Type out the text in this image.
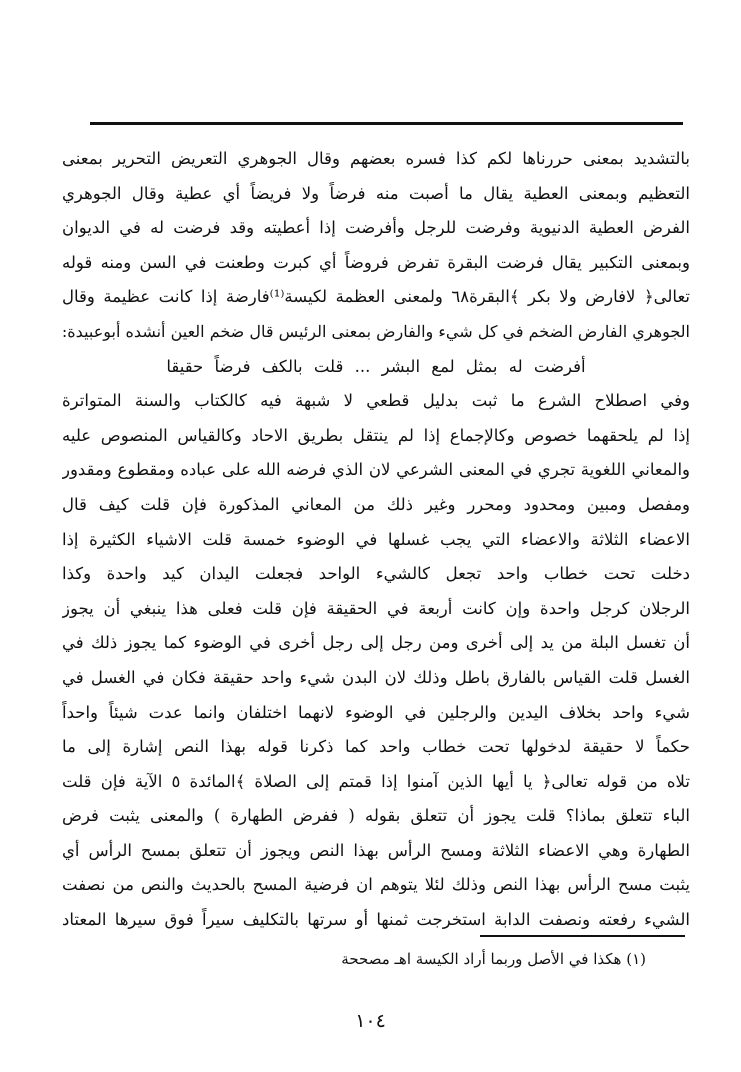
بالتشديد بمعنى حررناها لكم كذا فسره بعضهم وقال الجوهري التعريض التحرير بمعنى
التعظيم وبمعنى العطية يقال ما أصبت منه فرضاً ولا فريضاً أي عطية وقال الجوهري
الفرض العطية الدنيوية وفرضت للرجل وأفرضت إذا أعطيته وقد فرضت له في الديوان
وبمعنى التكبير يقال فرضت البقرة تفرض فروضاً أي كبرت وطعنت في السن ومنه قوله
تعالى﴿ لافارض ولا بكر ﴾البقرة٦٨ ولمعنى العظمة لكيسة⁽¹⁾فارضة إذا كانت عظيمة وقال
الجوهري الفارض الضخم في كل شيء والفارض بمعنى الرئيس قال ضخم العين أنشده أبوعبيدة:
أفرضت له بمثل لمع البشر ... قلت بالكف فرضاً حقيقا
وفي اصطلاح الشرع ما ثبت بدليل قطعي لا شبهة فيه كالكتاب والسنة المتواترة
إذا لم يلحقهما خصوص وكالإجماع إذا لم ينتقل بطريق الاحاد وكالقياس المنصوص عليه
والمعاني اللغوية تجري في المعنى الشرعي لان الذي فرضه الله على عباده ومقطوع ومقدور
ومفصل ومبين ومحدود ومحرر وغير ذلك من المعاني المذكورة فإن قلت كيف قال
الاعضاء الثلاثة والاعضاء التي يجب غسلها في الوضوء خمسة قلت الاشياء الكثيرة إذا
دخلت تحت خطاب واحد تجعل كالشيء الواحد فجعلت اليدان كيد واحدة وكذا
الرجلان كرجل واحدة وإن كانت أربعة في الحقيقة فإن قلت فعلى هذا ينبغي أن يجوز
أن تغسل البلة من يد إلى أخرى ومن رجل إلى رجل أخرى في الوضوء كما يجوز ذلك في
الغسل قلت القياس بالفارق باطل وذلك لان البدن شيء واحد حقيقة فكان في الغسل في
شيء واحد بخلاف اليدين والرجلين في الوضوء لانهما اختلفان وانما عدت شيئاً واحداً
حكماً لا حقيقة لدخولها تحت خطاب واحد كما ذكرنا قوله بهذا النص إشارة إلى ما
تلاه من قوله تعالى﴿ يا أيها الذين آمنوا إذا قمتم إلى الصلاة ﴾المائدة ٥ الآية فإن قلت
الباء تتعلق بماذا؟ قلت يجوز أن تتعلق بقوله ( ففرض الطهارة ) والمعنى يثبت فرض
الطهارة وهي الاعضاء الثلاثة ومسح الرأس بهذا النص ويجوز أن تتعلق بمسح الرأس أي
يثبت مسح الرأس بهذا النص وذلك لئلا يتوهم ان فرضية المسح بالحديث والنص من نصفت
الشيء رفعته ونصفت الدابة استخرجت ثمنها أو سرتها بالتكليف سيراً فوق سيرها المعتاد
(١) هكذا في الأصل وربما أراد الكيسة اهـ مصححة
١٠٤
